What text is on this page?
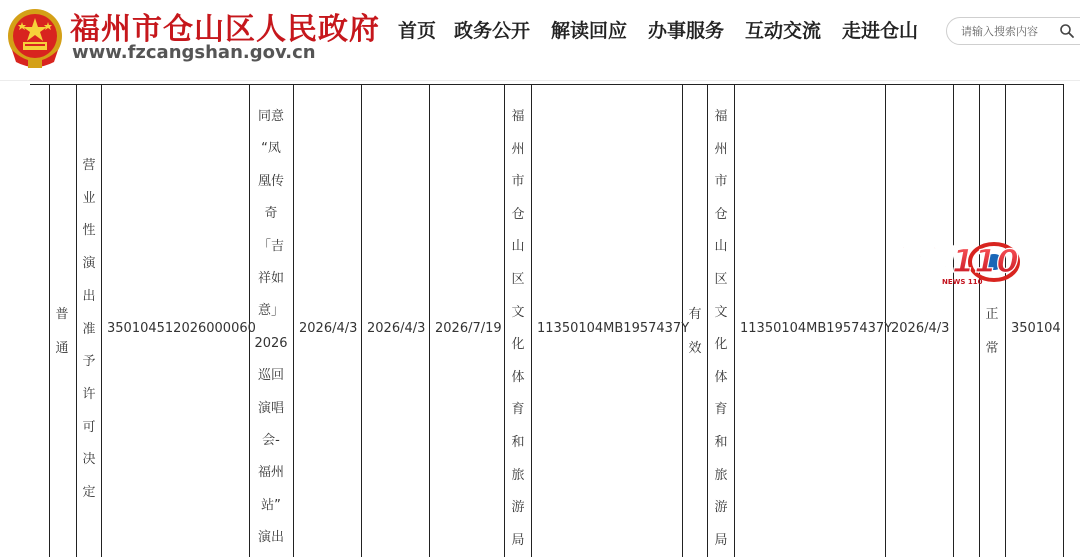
福州市仓山区人民政府
www.fzcangshan.gov.cn
首页 政务公开 解读回应 办事服务 互动交流 走进仓山
请输入搜索内容
普
通
营
业
性
演
出
准
予
许
可
决
定
350104512026000060
同意
“凤
凰传
奇
「吉
祥如
意」
2026
巡回
演唱
会-
福州
站”
演出
2026/4/3 2026/4/3 2026/7/19
福
州
市
仓
山
区
文
化
体
育
和
旅
游
局
11350104MB1957437Y
有
效
福
州
市
仓
山
区
文
化
体
育
和
旅
游
局
11350104MB1957437Y
2026/4/3
正
常
350104
新闻110
NEWS 110
